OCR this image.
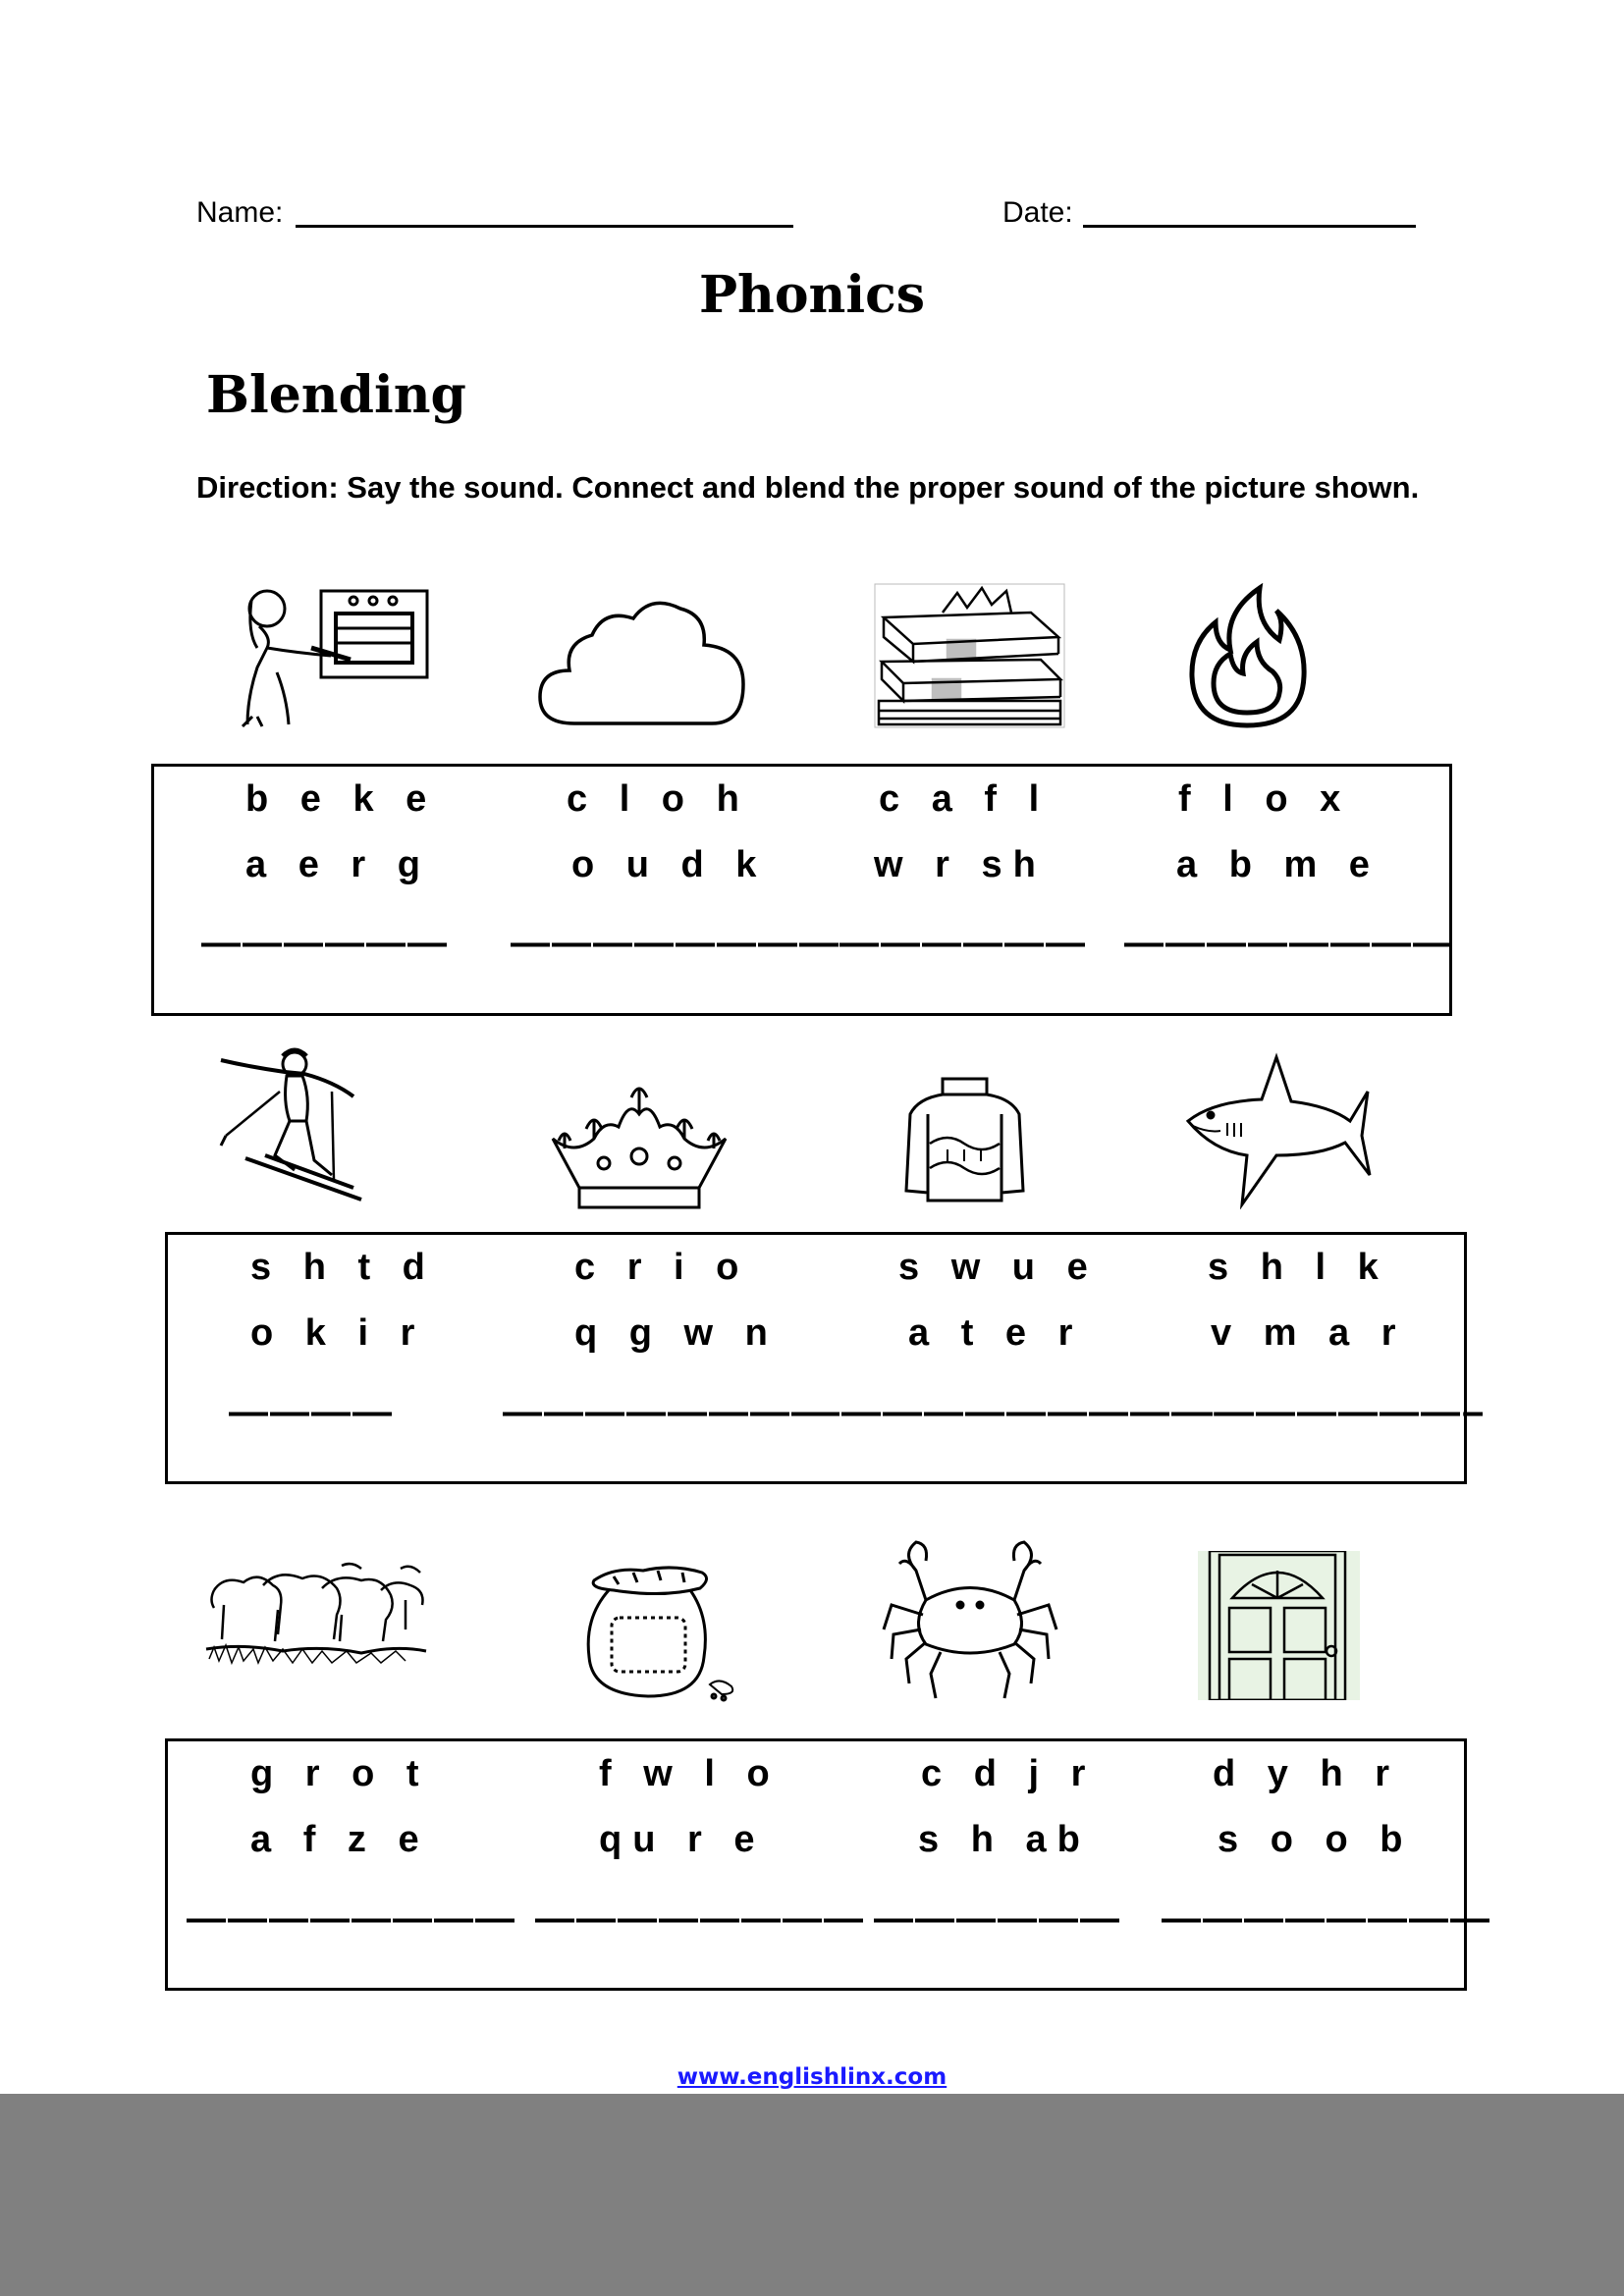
Name:	Date:
Phonics
Blending
Direction: Say the sound. Connect and blend the proper sound of the picture shown.
b e k e
a e r g
——————
c l o h
o u d k
————————
c a f l
w r sh
——————
f l o x
a b m e
————————
s h t d
o k i r
————
c r i o
q g w n
————————
s w u e
a t e r
——————————–
s h l k
v m a r
———————–
g r o t
a f z e
————————
f w l o
qu r e
————————
c d j r
s h ab
——————
d y h r
s o o b
————————
www.englishlinx.com
